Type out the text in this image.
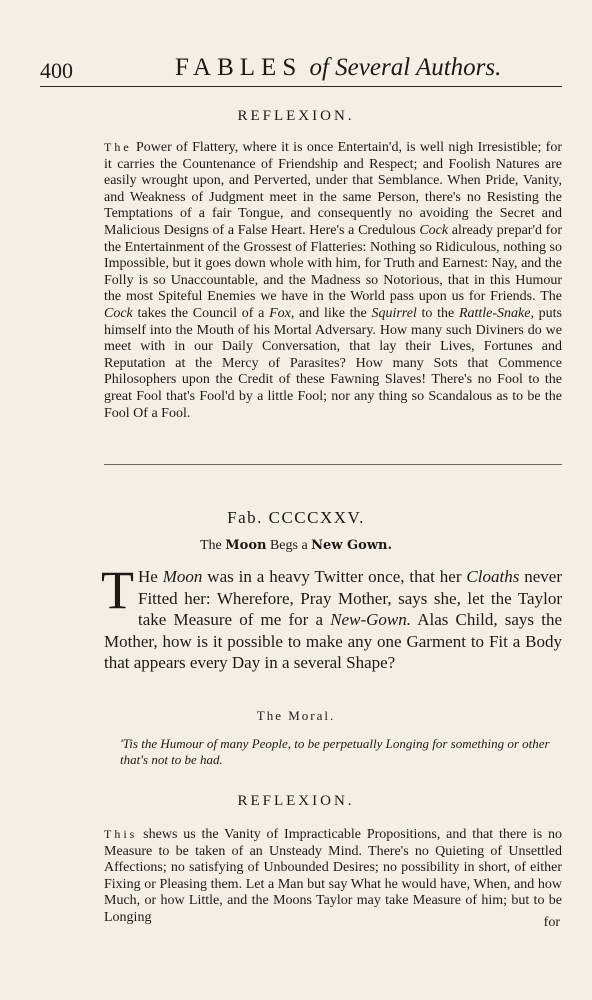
400	FABLES of Several Authors.
REFLEXION.

The Power of Flattery, where it is once Entertain'd, is well nigh Irresistible; for it carries the Countenance of Friendship and Respect; and Foolish Natures are easily wrought upon, and Perverted, under that Semblance. When Pride, Vanity, and Weakness of Judgment meet in the same Person, there's no Resisting the Temptations of a fair Tongue, and consequently no avoiding the Secret and Malicious Designs of a False Heart. Here's a Credulous Cock already prepar'd for the Entertainment of the Grossest of Flatteries: Nothing so Ridiculous, nothing so Impossible, but it goes down whole with him, for Truth and Earnest: Nay, and the Folly is so Unaccountable, and the Madness so Notorious, that in this Humour the most Spiteful Enemies we have in the World pass upon us for Friends. The Cock takes the Council of a Fox, and like the Squirrel to the Rattle-Snake, puts himself into the Mouth of his Mortal Adversary. How many such Diviners do we meet with in our Daily Conversation, that lay their Lives, Fortunes and Reputation at the Mercy of Parasites? How many Sots that Commence Philosophers upon the Credit of these Fawning Slaves! There's no Fool to the great Fool that's Fool'd by a little Fool; nor any thing so Scandalous as to be the Fool Of a Fool.

Fab. CCCCXXV.
The Moon Begs a New Gown.

T He Moon was in a heavy Twitter once, that her Cloaths never Fitted her: Wherefore, Pray Mother, says she, let the Taylor take Measure of me for a New-Gown. Alas Child, says the Mother, how is it possible to make any one Garment to Fit a Body that appears every Day in a several Shape?

The Moral.

'Tis the Humour of many People, to be perpetually Longing for something or other that's not to be had.

REFLEXION.

This shews us the Vanity of Impracticable Propositions, and that there is no Measure to be taken of an Unsteady Mind. There's no Quieting of Unsettled Affections; no satisfying of Unbounded Desires; no possibility in short, of either Fixing or Pleasing them. Let a Man but say What he would have, When, and how Much, or how Little, and the Moons Taylor may take Measure of him; but to be Longing	for
